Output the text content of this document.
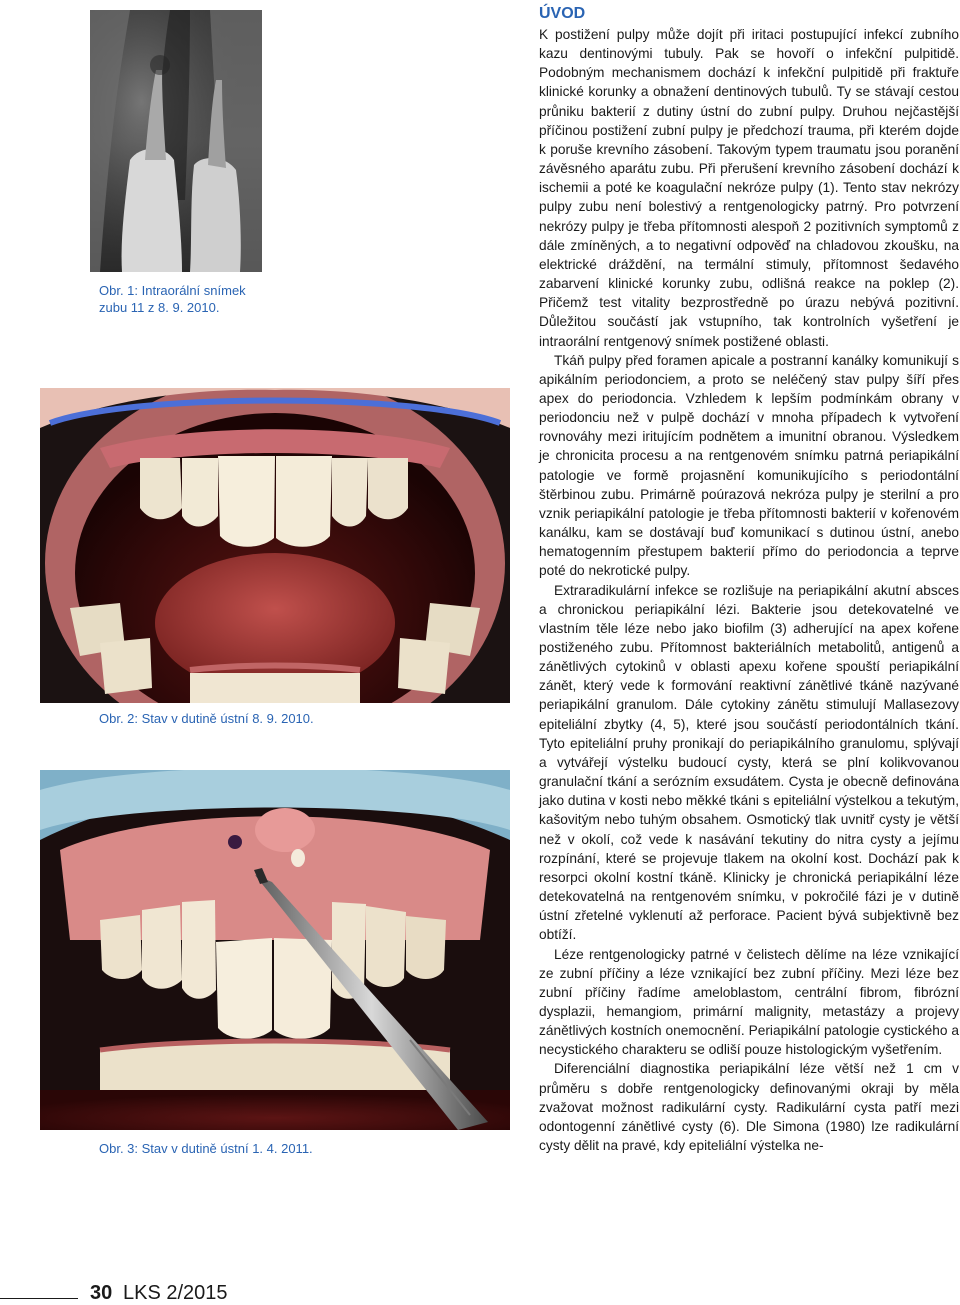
Obr. 1: Intraorální snímek zubu 11 z 8. 9. 2010.
Obr. 2: Stav v dutině ústní 8. 9. 2010.
Obr. 3: Stav v dutině ústní 1. 4. 2011.
ÚVOD

K postižení pulpy může dojít při iritaci postupující infekcí zubního kazu dentinovými tubuly. Pak se hovoří o infekční pulpitidě. Podobným mechanismem dochází k infekční pulpitidě při fraktuře klinické korunky a obnažení dentinových tubulů. Ty se stávají cestou průniku bakterií z dutiny ústní do zubní pulpy. Druhou nejčastější příčinou postižení zubní pulpy je předchozí trauma, při kterém dojde k poruše krevního zásobení. Takovým typem traumatu jsou poranění závěsného aparátu zubu. Při přerušení krevního zásobení dochází k ischemii a poté ke koagulační nekróze pulpy (1). Tento stav nekrózy pulpy zubu není bolestivý a rentgenologicky patrný. Pro potvrzení nekrózy pulpy je třeba přítomnosti alespoň 2 pozitivních symptomů z dále zmíněných, a to negativní odpověď na chladovou zkoušku, na elektrické dráždění, na termální stimuly, přítomnost šedavého zabarvení klinické korunky zubu, odlišná reakce na poklep (2). Přičemž test vitality bezprostředně po úrazu nebývá pozitivní. Důležitou součástí jak vstupního, tak kontrolních vyšetření je intraorální rentgenový snímek postižené oblasti.

Tkáň pulpy před foramen apicale a postranní kanálky komunikují s apikálním periodonciem, a proto se neléčený stav pulpy šíří přes apex do periodoncia. Vzhledem k lepším podmínkám obrany v periodonciu než v pulpě dochází v mnoha případech k vytvoření rovnováhy mezi iritujícím podnětem a imunitní obranou. Výsledkem je chronicita procesu a na rentgenovém snímku patrná periapikální patologie ve formě projasnění komunikujícího s periodontální štěrbinou zubu. Primárně poúrazová nekróza pulpy je sterilní a pro vznik periapikální patologie je třeba přítomnosti bakterií v kořenovém kanálku, kam se dostávají buď komunikací s dutinou ústní, anebo hematogenním přestupem bakterií přímo do periodoncia a teprve poté do nekrotické pulpy.

Extraradikulární infekce se rozlišuje na periapikální akutní absces a chronickou periapikální lézi. Bakterie jsou detekovatelné ve vlastním těle léze nebo jako biofilm (3) adherující na apex kořene postiženého zubu. Přítomnost bakteriálních metabolitů, antigenů a zánětlivých cytokinů v oblasti apexu kořene spouští periapikální zánět, který vede k formování reaktivní zánětlivé tkáně nazývané periapikální granulom. Dále cytokiny zánětu stimulují Mallasezovy epiteliální zbytky (4, 5), které jsou součástí periodontálních tkání. Tyto epiteliální pruhy pronikají do periapikálního granulomu, splývají a vytvářejí výstelku budoucí cysty, která se plní kolikvovanou granulační tkání a serózním exsudátem. Cysta je obecně definována jako dutina v kosti nebo měkké tkáni s epiteliální výstelkou a tekutým, kašovitým nebo tuhým obsahem. Osmotický tlak uvnitř cysty je větší než v okolí, což vede k nasávání tekutiny do nitra cysty a jejímu rozpínání, které se projevuje tlakem na okolní kost. Dochází pak k resorpci okolní kostní tkáně. Klinicky je chronická periapikální léze detekovatelná na rentgenovém snímku, v pokročilé fázi je v dutině ústní zřetelné vyklenutí až perforace. Pacient bývá subjektivně bez obtíží.

Léze rentgenologicky patrné v čelistech dělíme na léze vznikající ze zubní příčiny a léze vznikající bez zubní příčiny. Mezi léze bez zubní příčiny řadíme ameloblastom, centrální fibrom, fibrózní dysplazii, hemangiom, primární malignity, metastázy a projevy zánětlivých kostních onemocnění. Periapikální patologie cystického a necystického charakteru se odliší pouze histologickým vyšetřením.

Diferenciální diagnostika periapikální léze větší než 1 cm v průměru s dobře rentgenologicky definovanými okraji by měla zvažovat možnost radikulární cysty. Radikulární cysta patří mezi odontogenní zánětlivé cysty (6). Dle Simona (1980) lze radikulární cysty dělit na pravé, kdy epiteliální výstelka ne-

30 LKS 2/2015
